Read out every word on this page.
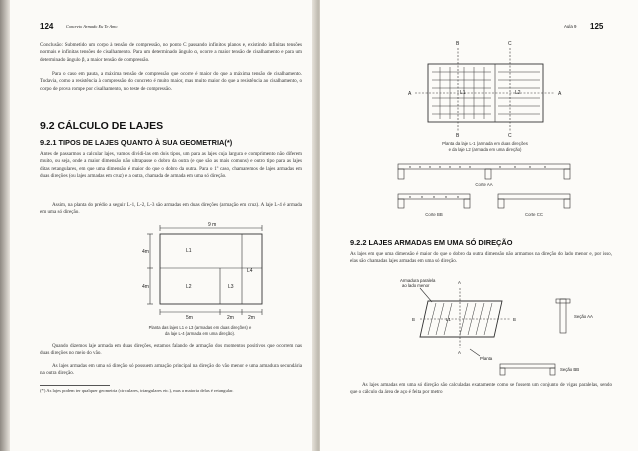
124	Concreto Armado Eu Te Amo
Conclusão: Submetido um corpo à tensão de compressão, no ponto C passando infinitos planos e, existindo infinitas tensões normais e infinitas tensões de cisalhamento. Para um determinado ângulo α, ocorre a maior tensão de cisalhamento e para um determinado ângulo β, a maior tensão de compressão.
Para o caso em pauta, a máxima tensão de compressão que ocorre é maior do que a máxima tensão de cisalhamento. Todavia, como a resistência à compressão do concreto é muito maior, mas muito maior do que a resistência ao cisalhamento, o corpo de prova rompe por cisalhamento, no teste de compressão.
9.2 CÁLCULO DE LAJES
9.2.1 TIPOS DE LAJES QUANTO À SUA GEOMETRIA(*)
Antes de passarmos a calcular lajes, vamos dividi-las em dois tipos, um para as lajes cuja largura e comprimento não diferem muito, ou seja, onde a maior dimensão não ultrapasse o dobro da outra (e que são as mais comuns) e outro tipo para as lajes ditas retangulares, em que uma dimensão é maior do que o dobro da outra. Para o 1º caso, chamaremos de lajes armadas em duas direções (ou lajes armadas em cruz) e a outra, chamada de armada em uma só direção.
Assim, na planta do prédio a seguir L-1, L-2, L-3 são armadas em duas direções (armação em cruz). A laje L-4 é armada em uma só direção.
9 m
4m
4m
L1
L2	L3
L4
5m	2m	2m
Planta das lajes L1 e L3 (armadas em duas direções) e
da laje L-4 (armada em uma direção).
Quando dizemos laje armada em duas direções, estamos falando de armação dos momentos positivos que ocorrem nas duas direções no meio do vão.
As lajes armadas em uma só direção só possuem armação principal na direção do vão menor e uma armadura secundária na outra direção.
(*) As lajes podem ter qualquer geometria (circulares, triangulares etc.), mas a maioria delas é retangular.
Aula 9 125
B	C
A	A
L1	L2
B	C
Planta da laje L-1 (armada em duas direções
e da laje L2 (armada em uma direção)
Corte AA
Corte BB	Corte CC
9.2.2 LAJES ARMADAS EM UMA SÓ DIREÇÃO
As lajes em que uma dimensão é maior do que o dobro da outra dimensão não armamos na direção do lado menor e, por isso, elas são chamadas lajes armadas em uma só direção.
Armadura paralela
ao lado menor
A
B	B
L1
A
Planta
Seção AA
Seção BB
As lajes armadas em uma só direção são calculadas exatamente como se fossem um conjunto de vigas paralelas, sendo que o cálculo da área de aço é feita por metro
